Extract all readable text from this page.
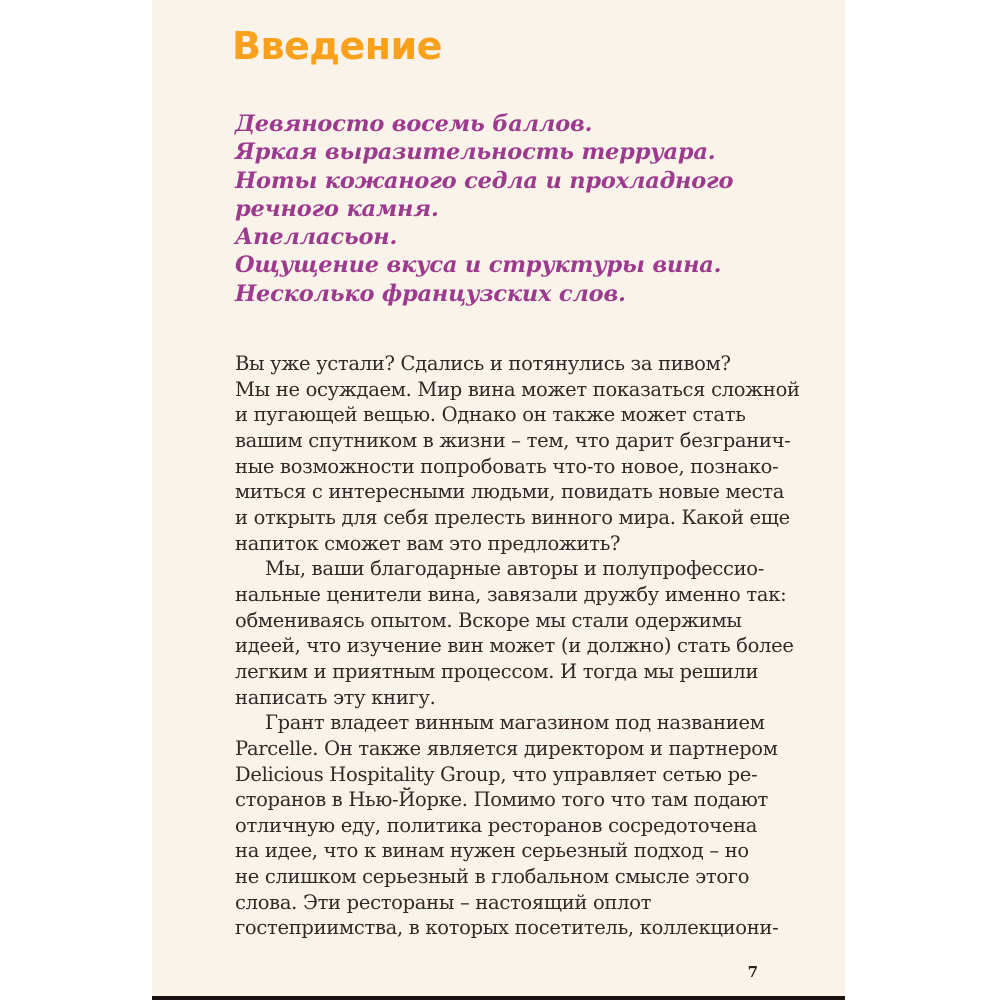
Введение
Девяносто восемь баллов.
Яркая выразительность терруара.
Ноты кожаного седла и прохладного
речного камня.
Апелласьон.
Ощущение вкуса и структуры вина.
Несколько французских слов.
Вы уже устали? Сдались и потянулись за пивом?
Мы не осуждаем. Мир вина может показаться сложной
и пугающей вещью. Однако он также может стать
вашим спутником в жизни – тем, что дарит безгранич-
ные возможности попробовать что-то новое, познако-
миться с интересными людьми, повидать новые места
и открыть для себя прелесть винного мира. Какой еще
напиток сможет вам это предложить?
Мы, ваши благодарные авторы и полупрофессио-
нальные ценители вина, завязали дружбу именно так:
обмениваясь опытом. Вскоре мы стали одержимы
идеей, что изучение вин может (и должно) стать более
легким и приятным процессом. И тогда мы решили
написать эту книгу.
Грант владеет винным магазином под названием
Parcelle. Он также является директором и партнером
Delicious Hospitality Group, что управляет сетью ре-
сторанов в Нью-Йорке. Помимо того что там подают
отличную еду, политика ресторанов сосредоточена
на идее, что к винам нужен серьезный подход – но
не слишком серьезный в глобальном смысле этого
слова. Эти рестораны – настоящий оплот
гостеприимства, в которых посетитель, коллекциони-
7
